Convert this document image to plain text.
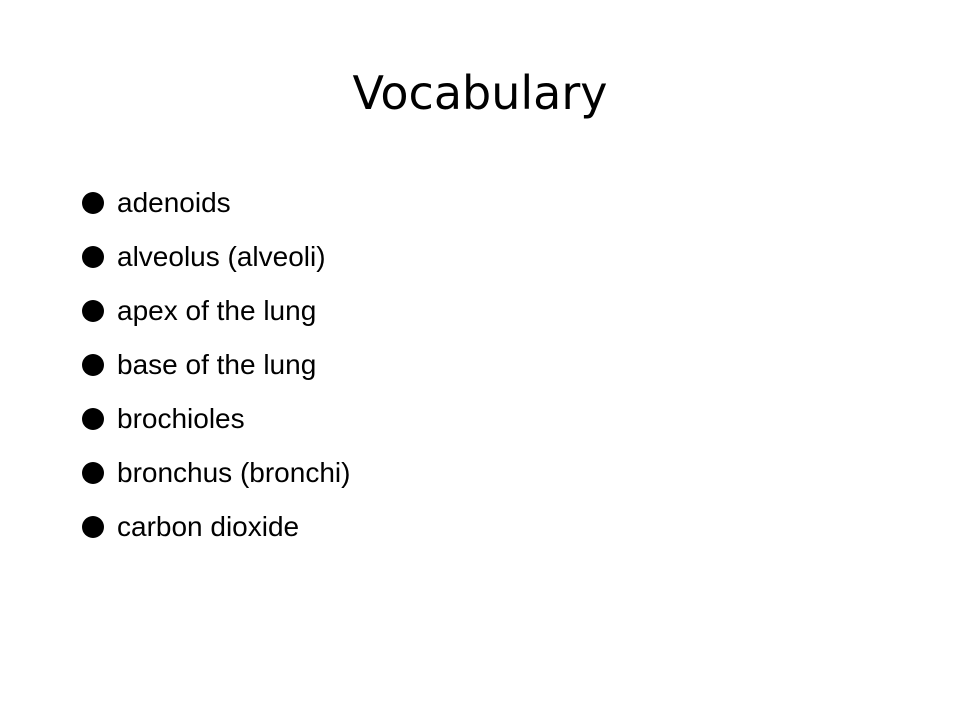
Vocabulary
adenoids
alveolus (alveoli)
apex of the lung
base of the lung
brochioles
bronchus (bronchi)
carbon dioxide
